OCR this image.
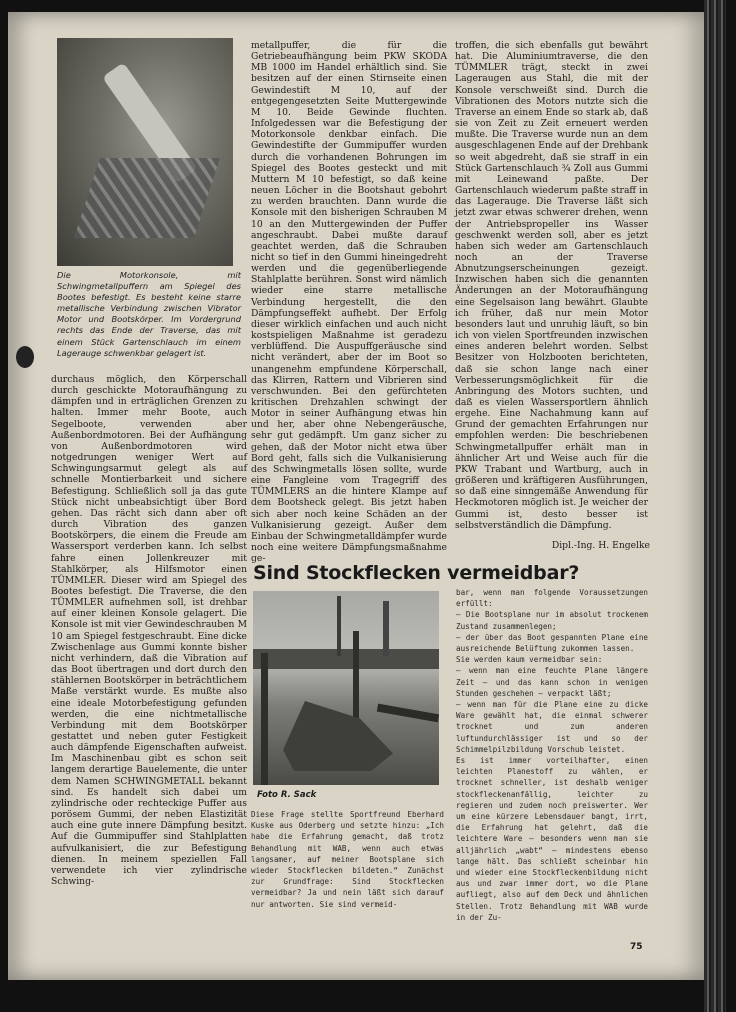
Die Motorkonsole, mit Schwingmetallpuffern am Spiegel des Bootes befestigt. Es besteht keine starre metallische Verbindung zwischen Vibrator Motor und Bootskörper. Im Vordergrund rechts das Ende der Traverse, das mit einem Stück Gartenschlauch im einem Lagerauge schwenkbar gelagert ist.

durchaus möglich, den Körperschall durch geschickte Motoraufhängung zu dämpfen und in erträglichen Grenzen zu halten. Immer mehr Boote, auch Segelboote, verwenden aber Außenbordmotoren. Bei der Aufhängung von Außenbordmotoren wird notgedrungen weniger Wert auf Schwingungsarmut gelegt als auf schnelle Montierbarkeit und sichere Befestigung. Schließlich soll ja das gute Stück nicht unbeabsichtigt über Bord gehen. Das rächt sich dann aber oft durch Vibration des ganzen Bootskörpers, die einem die Freude am Wassersport verderben kann. Ich selbst fahre einen Jollenkreuzer mit Stahlkörper, als Hilfsmotor einen TÜMMLER. Dieser wird am Spiegel des Bootes befestigt. Die Traverse, die den TÜMMLER aufnehmen soll, ist drehbar auf einer kleinen Konsole gelagert. Die Konsole ist mit vier Gewindeschrauben M 10 am Spiegel festgeschraubt. Eine dicke Zwischenlage aus Gummi konnte bisher nicht verhindern, daß die Vibration auf das Boot übertragen und dort durch den stählernen Bootskörper in beträchtlichem Maße verstärkt wurde. Es mußte also eine ideale Motorbefestigung gefunden werden, die eine nichtmetallische Verbindung mit dem Bootskörper gestattet und neben guter Festigkeit auch dämpfende Eigenschaften aufweist. Im Maschinenbau gibt es schon seit langem derartige Bauelemente, die unter dem Namen SCHWINGMETALL bekannt sind. Es handelt sich dabei um zylindrische oder rechteckige Puffer aus porösem Gummi, der neben Elastizität auch eine gute innere Dämpfung besitzt. Auf die Gummipuffer sind Stahlplatten aufvulkanisiert, die zur Befestigung dienen. In meinem speziellen Fall verwendete ich vier zylindrische Schwing-

metallpuffer, die für die Getriebeaufhängung beim PKW SKODA MB 1000 im Handel erhältlich sind. Sie besitzen auf der einen Stirnseite einen Gewindestift M 10, auf der entgegengesetzten Seite Muttergewinde M 10. Beide Gewinde fluchten. Infolgedessen war die Befestigung der Motorkonsole denkbar einfach. Die Gewindestifte der Gummipuffer wurden durch die vorhandenen Bohrungen im Spiegel des Bootes gesteckt und mit Muttern M 10 befestigt, so daß keine neuen Löcher in die Bootshaut gebohrt zu werden brauchten. Dann wurde die Konsole mit den bisherigen Schrauben M 10 an den Muttergewinden der Puffer angeschraubt. Dabei mußte darauf geachtet werden, daß die Schrauben nicht so tief in den Gummi hineingedreht werden und die gegenüberliegende Stahlplatte berühren. Sonst wird nämlich wieder eine starre metallische Verbindung hergestellt, die den Dämpfungseffekt aufhebt. Der Erfolg dieser wirklich einfachen und auch nicht kostspieligen Maßnahme ist geradezu verblüffend. Die Auspuffgeräusche sind nicht verändert, aber der im Boot so unangenehm empfundene Körperschall, das Klirren, Rattern und Vibrieren sind verschwunden. Bei den gefürchteten kritischen Drehzahlen schwingt der Motor in seiner Aufhängung etwas hin und her, aber ohne Nebengeräusche, sehr gut gedämpft. Um ganz sicher zu gehen, daß der Motor nicht etwa über Bord geht, falls sich die Vulkanisierung des Schwingmetalls lösen sollte, wurde eine Fangleine vom Tragegriff des TÜMMLERS an die hintere Klampe auf dem Bootsheck gelegt. Bis jetzt haben sich aber noch keine Schäden an der Vulkanisierung gezeigt. Außer dem Einbau der Schwingmetalldämpfer wurde noch eine weitere Dämpfungsmaßnahme ge-

troffen, die sich ebenfalls gut bewährt hat. Die Aluminiumtraverse, die den TÜMMLER trägt, steckt in zwei Lageraugen aus Stahl, die mit der Konsole verschweißt sind. Durch die Vibrationen des Motors nutzte sich die Traverse an einem Ende so stark ab, daß sie von Zeit zu Zeit erneuert werden mußte. Die Traverse wurde nun an dem ausgeschlagenen Ende auf der Drehbank so weit abgedreht, daß sie straff in ein Stück Gartenschlauch ¾ Zoll aus Gummi mit Leinewand paßte. Der Gartenschlauch wiederum paßte straff in das Lagerauge. Die Traverse läßt sich jetzt zwar etwas schwerer drehen, wenn der Antriebspropeller ins Wasser geschwenkt werden soll, aber es jetzt haben sich weder am Gartenschlauch noch an der Traverse Abnutzungserscheinungen gezeigt. Inzwischen haben sich die genannten Änderungen an der Motoraufhängung eine Segelsaison lang bewährt. Glaubte ich früher, daß nur mein Motor besonders laut und unruhig läuft, so bin ich von vielen Sportfreunden inzwischen eines anderen belehrt worden. Selbst Besitzer von Holzbooten berichteten, daß sie schon lange nach einer Verbesserungsmöglichkeit für die Anbringung des Motors suchten, und daß es vielen Wassersportlern ähnlich ergehe. Eine Nachahmung kann auf Grund der gemachten Erfahrungen nur empfohlen werden: Die beschriebenen Schwingmetallpuffer erhält man in ähnlicher Art und Weise auch für die PKW Trabant und Wartburg, auch in größeren und kräftigeren Ausführungen, so daß eine sinngemäße Anwendung für Heckmotoren möglich ist. Je weicher der Gummi ist, desto besser ist selbstverständlich die Dämpfung.

Dipl.-Ing. H. Engelke
Sind Stockflecken vermeidbar?
Foto R. Sack
Diese Frage stellte Sportfreund Eberhard Kuske aus Oderberg und setzte hinzu: „Ich habe die Erfahrung gemacht, daß trotz Behandlung mit WAB, wenn auch etwas langsamer, auf meiner Bootsplane sich wieder Stockflecken bildeten.“ Zunächst zur Grundfrage: Sind Stockflecken vermeidbar? Ja und nein läßt sich darauf nur antworten. Sie sind vermeid-

bar, wenn man folgende Voraussetzungen erfüllt:

– Die Bootsplane nur im absolut trockenem Zustand zusammenlegen;

– der über das Boot gespannten Plane eine ausreichende Belüftung zukommen lassen.

Sie werden kaum vermeidbar sein:

– wenn man eine feuchte Plane längere Zeit – und das kann schon in wenigen Stunden geschehen – verpackt läßt;

– wenn man für die Plane eine zu dicke Ware gewählt hat, die einmal schwerer trocknet und zum anderen luftundurchlässiger ist und so der Schimmelpilzbildung Vorschub leistet.

Es ist immer vorteilhafter, einen leichten Planestoff zu wählen, er trocknet schneller, ist deshalb weniger stockfleckenanfällig, leichter zu regieren und zudem noch preiswerter. Wer um eine kürzere Lebensdauer bangt, irrt, die Erfahrung hat gelehrt, daß die leichtere Ware – besonders wenn man sie alljährlich „wabt“ – mindestens ebenso lange hält. Das schließt scheinbar hin und wieder eine Stockfleckenbildung nicht aus und zwar immer dort, wo die Plane aufliegt, also auf dem Deck und ähnlichen Stellen. Trotz Behandlung mit WAB wurde in der Zu-

75
